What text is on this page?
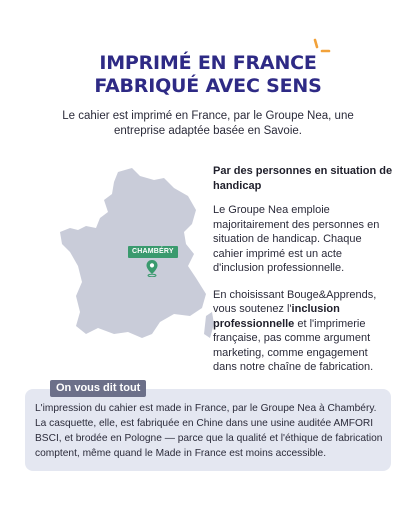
IMPRIMÉ EN FRANCE
FABRIQUÉ AVEC SENS

Le cahier est imprimé en France, par le Groupe Nea, une entreprise adaptée basée en Savoie.

CHAMBÉRY
Par des personnes en situation de handicap

Le Groupe Nea emploie majoritairement des personnes en situation de handicap. Chaque cahier imprimé est un acte d'inclusion professionnelle.

En choisissant Bouge&Apprends, vous soutenez l'inclusion professionnelle et l'imprimerie française, pas comme argument marketing, comme engagement dans notre chaîne de fabrication.

On vous dit tout

L'impression du cahier est made in France, par le Groupe Nea à Chambéry. La casquette, elle, est fabriquée en Chine dans une usine auditée AMFORI BSCI, et brodée en Pologne — parce que la qualité et l'éthique de fabrication comptent, même quand le Made in France est moins accessible.
